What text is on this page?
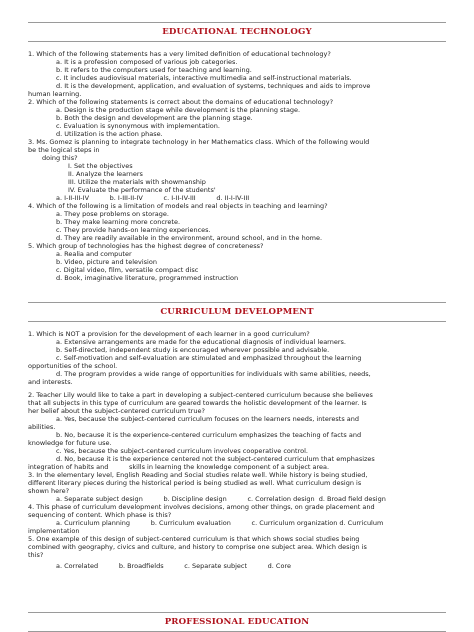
EDUCATIONAL TECHNOLOGY
1. Which of the following statements has a very limited definition of educational technology?
a. It is a profession composed of various job categories.
b. It refers to the computers used for teaching and learning.
c. It includes audiovisual materials, interactive multimedia and self-instructional materials.
d. It is the development, application, and evaluation of systems, techniques and aids to improve
human learning.
2. Which of the following statements is correct about the domains of educational technology?
a. Design is the production stage while development is the planning stage.
b. Both the design and development are the planning stage.
c. Evaluation is synonymous with implementation.
d. Utilization is the action phase.
3. Ms. Gomez is planning to integrate technology in her Mathematics class. Which of the following would
be the logical steps in
doing this?
I. Set the objectives
II. Analyze the learners
III. Utilize the materials with showmanship
IV. Evaluate the performance of the students'
a. I-II-III-IV          b. I-III-II-IV          c. I-II-IV-III          d. II-I-IV-III
4. Which of the following is a limitation of models and real objects in teaching and learning?
a. They pose problems on storage.
b. They make learning more concrete.
c. They provide hands-on learning experiences.
d. They are readily available in the environment, around school, and in the home.
5. Which group of technologies has the highest degree of concreteness?
a. Realia and computer
b. Video, picture and television
c. Digital video, film, versatile compact disc
d. Book, imaginative literature, programmed instruction
CURRICULUM DEVELOPMENT
1. Which is NOT a provision for the development of each learner in a good curriculum?
a. Extensive arrangements are made for the educational diagnosis of individual learners.
b. Self-directed, independent study is encouraged wherever possible and advisable.
c. Self-motivation and self-evaluation are stimulated and emphasized throughout the learning
opportunities of the school.
d. The program provides a wide range of opportunities for individuals with same abilities, needs,
and interests.
2. Teacher Lily would like to take a part in developing a subject-centered curriculum because she believes
that all subjects in this type of curriculum are geared towards the holistic development of the learner. Is
her belief about the subject-centered curriculum true?
a. Yes, because the subject-centered curriculum focuses on the learners needs, interests and
abilities.
b. No, because it is the experience-centered curriculum emphasizes the teaching of facts and
knowledge for future use.
c. Yes, because the subject-centered curriculum involves cooperative control.
d. No, because it is the experience centered not the subject-centered curriculum that emphasizes
integration of habits and          skills in learning the knowledge component of a subject area.
3. In the elementary level, English Reading and Social studies relate well. While history is being studied,
different literary pieces during the historical period is being studied as well. What curriculum design is
shown here?
a. Separate subject design          b. Discipline design          c. Correlation design  d. Broad field design
4. This phase of curriculum development involves decisions, among other things, on grade placement and
sequencing of content. Which phase is this?
a. Curriculum planning          b. Curriculum evaluation          c. Curriculum organization d. Curriculum
implementation
5. One example of this design of subject-centered curriculum is that which shows social studies being
combined with geography, civics and culture, and history to comprise one subject area. Which design is
this?
a. Correlated          b. Broadfields          c. Separate subject          d. Core
PROFESSIONAL EDUCATION
